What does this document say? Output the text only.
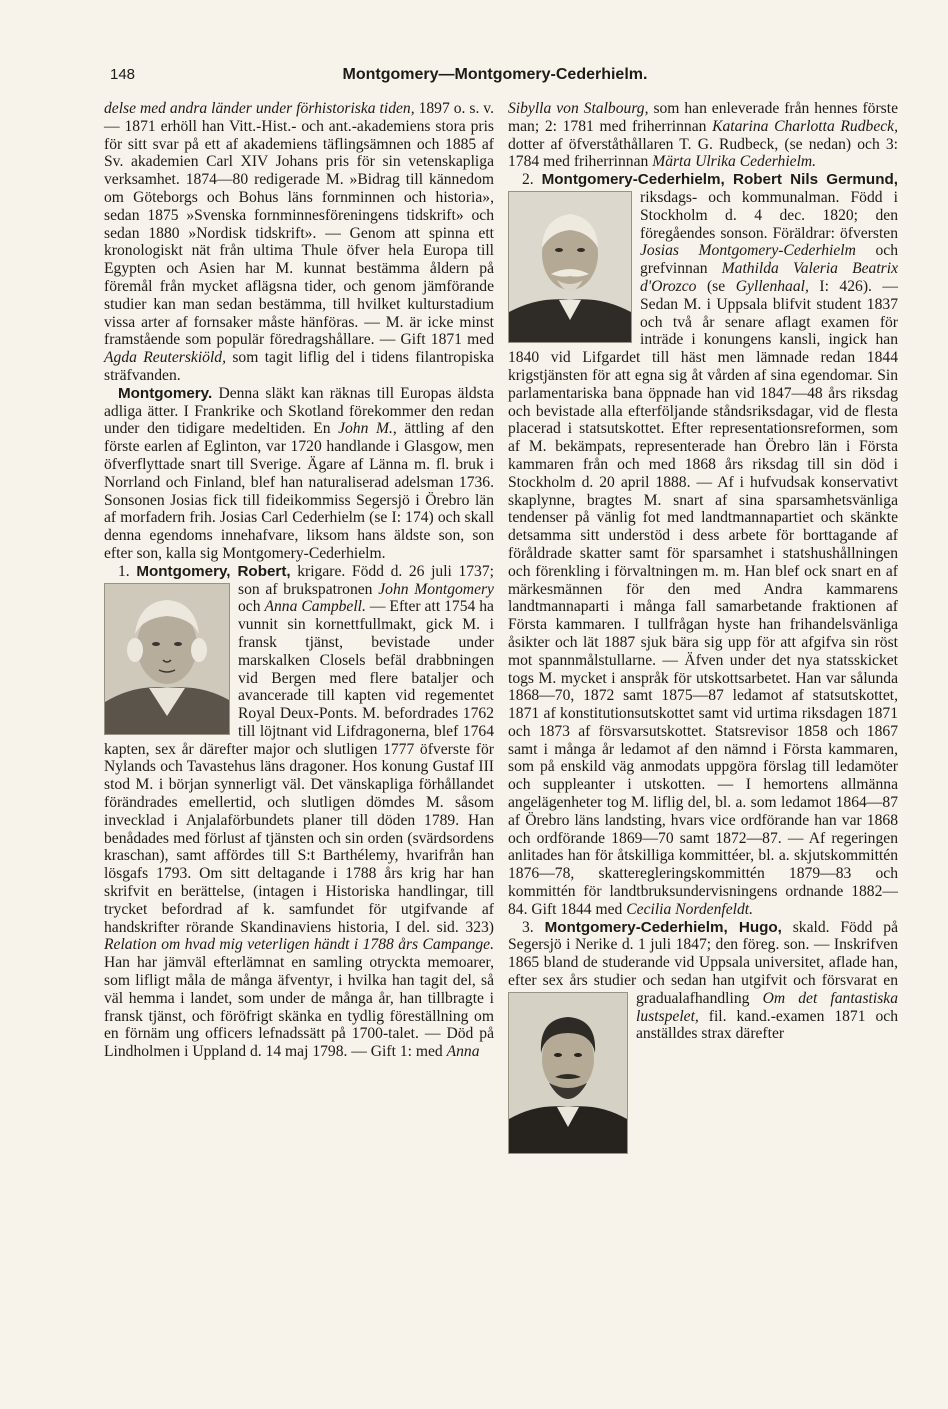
148	Montgomery—Montgomery-Cederhielm.

delse med andra länder under förhistoriska tiden, 1897 o. s. v. — 1871 erhöll han Vitt.-Hist.- och ant.-akademiens stora pris för sitt svar på ett af akademiens täflingsämnen och 1885 af Sv. akademien Carl XIV Johans pris för sin vetenskapliga verksamhet. 1874—80 redigerade M. »Bidrag till kännedom om Göteborgs och Bohus läns fornminnen och historia», sedan 1875 »Svenska fornminnesföreningens tidskrift» och sedan 1880 »Nordisk tidskrift». — Genom att spinna ett kronologiskt nät från ultima Thule öfver hela Europa till Egypten och Asien har M. kunnat bestämma åldern på föremål från mycket aflägsna tider, och genom jämförande studier kan man sedan bestämma, till hvilket kulturstadium vissa arter af fornsaker måste hänföras. — M. är icke minst framstående som populär föredragshållare. — Gift 1871 med Agda Reuterskiöld, som tagit liflig del i tidens filantropiska sträfvanden.

Montgomery. Denna släkt kan räknas till Europas äldsta adliga ätter. I Frankrike och Skotland förekommer den redan under den tidigare medeltiden. En John M., ättling af den förste earlen af Eglinton, var 1720 handlande i Glasgow, men öfverflyttade snart till Sverige. Ägare af Länna m. fl. bruk i Norrland och Finland, blef han naturaliserad adelsman 1736. Sonsonen Josias fick till fideikommiss Segersjö i Örebro län af morfadern frih. Josias Carl Cederhielm (se I: 174) och skall denna egendoms innehafvare, liksom hans äldste son, son efter son, kalla sig Montgomery-Cederhielm.

1. Montgomery, Robert, krigare. Född d. 26 juli 1737; son af brukspatronen
John Montgomery och Anna Campbell. — Efter att 1754 ha vunnit sin kornettfullmakt, gick M. i fransk tjänst, bevistade under marskalken Closels befäl drabbningen vid Bergen med flere bataljer och avancerade till kapten vid regementet Royal Deux-Ponts. M. befordrades 1762 till löjtnant vid Lifdragonerna, blef 1764 kapten, sex år därefter major och slutligen 1777 öfverste för Nylands och Tavastehus läns dragoner. Hos konung Gustaf III stod M. i början synnerligt väl. Det vänskapliga förhållandet förändrades emellertid, och slutligen dömdes M. såsom invecklad i Anjalaförbundets planer till döden 1789. Han benådades med förlust af tjänsten och sin orden (svärdsordens kraschan), samt affördes till S:t Barthélemy, hvarifrån han lösgafs 1793. Om sitt deltagande i 1788 års krig har han skrifvit en berättelse, (intagen i Historiska handlingar, till trycket befordrad af k. samfundet för utgifvande af handskrifter rörande Skandinaviens historia, I del. sid. 323) Relation om hvad mig veterligen händt i 1788 års Campange. Han har jämväl efterlämnat en samling otryckta memoarer, som lifligt måla de många äfventyr, i hvilka han tagit del, så väl hemma i landet, som under de många år, han tillbragte i fransk tjänst, och föröfrigt skänka en tydlig föreställning om en förnäm ung officers lefnadssätt på 1700-talet. — Död på Lindholmen i Uppland d. 14 maj 1798. — Gift 1: med Anna

Sibylla von Stalbourg, som han enleverade från hennes förste man; 2: 1781 med friherrinnan Katarina Charlotta Rudbeck, dotter af öfverståthållaren T. G. Rudbeck, (se nedan) och 3: 1784 med friherrinnan Märta Ulrika Cederhielm.

2. Montgomery-Cederhielm, Robert Nils Germund,
riksdags- och kommunalman. Född i Stockholm d. 4 dec. 1820; den föregåendes sonson. Föräldrar: öfversten Josias Montgomery-Cederhielm och grefvinnan Mathilda Valeria Beatrix d'Orozco (se Gyllenhaal, I: 426). — Sedan M. i Uppsala blifvit student 1837 och två år senare aflagt examen för inträde i konungens kansli, ingick han 1840 vid Lifgardet till häst men lämnade redan 1844 krigstjänsten för att egna sig åt vården af sina egendomar. Sin parlamentariska bana öppnade han vid 1847—48 års riksdag och bevistade alla efterföljande ståndsriksdagar, vid de flesta placerad i statsutskottet. Efter representationsreformen, som af M. bekämpats, representerade han Örebro län i Första kammaren från och med 1868 års riksdag till sin död i Stockholm d. 20 april 1888. — Af i hufvudsak konservativt skaplynne, bragtes M. snart af sina sparsamhetsvänliga tendenser på vänlig fot med landtmannapartiet och skänkte detsamma sitt understöd i dess arbete för borttagande af föråldrade skatter samt för sparsamhet i statshushållningen och förenkling i förvaltningen m. m. Han blef ock snart en af märkesmännen för den med Andra kammarens landtmannaparti i många fall samarbetande fraktionen af Första kammaren. I tullfrågan hyste han frihandelsvänliga åsikter och lät 1887 sjuk bära sig upp för att afgifva sin röst mot spannmålstullarne. — Äfven under det nya statsskicket togs M. mycket i anspråk för utskottsarbetet. Han var sålunda 1868—70, 1872 samt 1875—87 ledamot af statsutskottet, 1871 af konstitutionsutskottet samt vid urtima riksdagen 1871 och 1873 af försvarsutskottet. Statsrevisor 1858 och 1867 samt i många år ledamot af den nämnd i Första kammaren, som på enskild väg anmodats uppgöra förslag till ledamöter och suppleanter i utskotten. — I hemortens allmänna angelägenheter tog M. liflig del, bl. a. som ledamot 1864—87 af Örebro läns landsting, hvars vice ordförande han var 1868 och ordförande 1869—70 samt 1872—87. — Af regeringen anlitades han för åtskilliga kommittéer, bl. a. skjutskommittén 1876—78, skatteregleringskommittén 1879—83 och kommittén för landtbruksundervisningens ordnande 1882—84. Gift 1844 med Cecilia Nordenfeldt.

3. Montgomery-Cederhielm, Hugo, skald. Född på Segersjö i Nerike d. 1 juli 1847; den föreg. son. — Inskrifven 1865 bland de studerande vid Uppsala universitet, aflade han, efter sex års studier och sedan han utgifvit och försvarat en gradualafhandling
Om det fantastiska lustspelet, fil. kand.-examen 1871 och anställdes strax därefter
